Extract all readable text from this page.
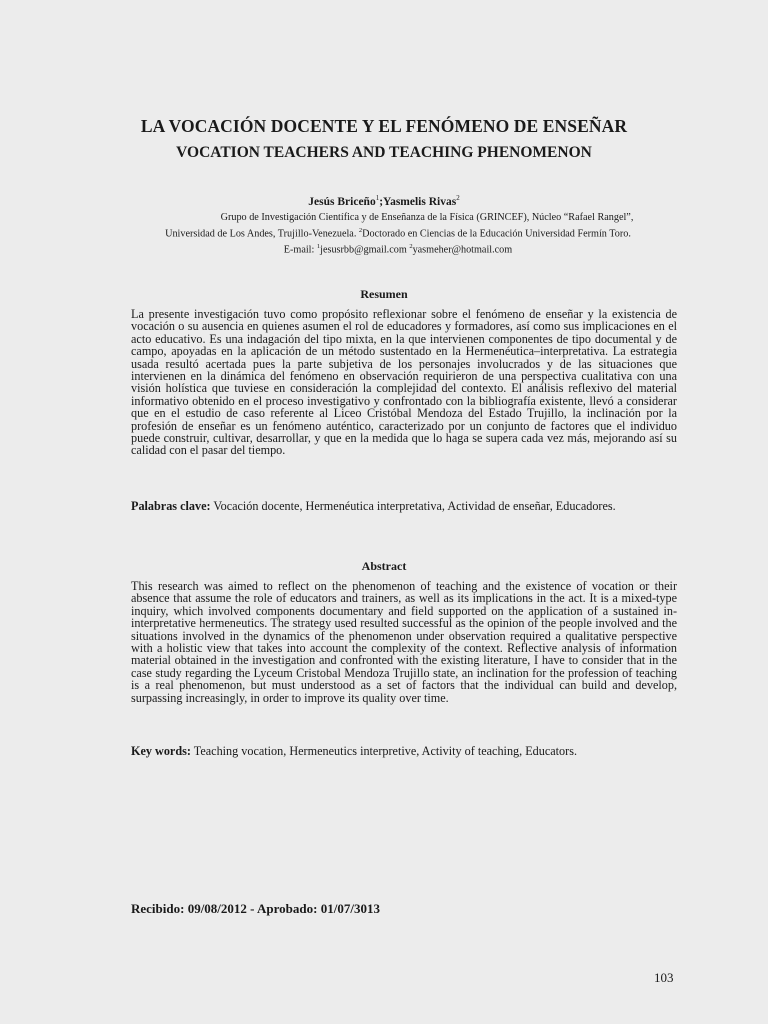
LA VOCACIÓN DOCENTE Y EL FENÓMENO DE ENSEÑAR
VOCATION TEACHERS AND TEACHING PHENOMENON
Jesús Briceño$^1$;Yasmelis Rivas$^2$
Grupo de Investigación Científica y de Enseñanza de la Física (GRINCEF), Núcleo “Rafael Rangel”,
Universidad de Los Andes, Trujillo-Venezuela. $^2$Doctorado en Ciencias de la Educación Universidad Fermín Toro.
E-mail: $^1$jesusrbb@gmail.com $^2$yasmeher@hotmail.com
Resumen

La presente investigación tuvo como propósito reflexionar sobre el fenómeno de enseñar y la existencia de vocación o su ausencia en quienes asumen el rol de educadores y formadores, así como sus implicaciones en el acto educativo. Es una indagación del tipo mixta, en la que intervienen componentes de tipo documental y de campo, apoyadas en la aplicación de un método sustentado en la Hermenéutica–interpretativa. La estrategia usada resultó acertada pues la parte subjetiva de los personajes involucrados y de las situaciones que intervienen en la dinámica del fenómeno en observación requirieron de una perspectiva cualitativa con una visión holística que tuviese en consideración la complejidad del contexto. El análisis reflexivo del material informativo obtenido en el proceso investigativo y confrontado con la bibliografía existente, llevó a considerar que en el estudio de caso referente al Liceo Cristóbal Mendoza del Estado Trujillo, la inclinación por la profesión de enseñar es un fenómeno auténtico, caracterizado por un conjunto de factores que el individuo puede construir, cultivar, desarrollar, y que en la medida que lo haga se supera cada vez más, mejorando así su calidad con el pasar del tiempo.

Palabras clave: Vocación docente, Hermenéutica interpretativa, Actividad de enseñar, Educadores.

Abstract

This research was aimed to reflect on the phenomenon of teaching and the existence of vocation or their absence that assume the role of educators and trainers, as well as its implications in the act. It is a mixed-type inquiry, which involved components documentary and field supported on the application of a sustained in-interpretative hermeneutics. The strategy used resulted successful as the opinion of the people involved and the situations involved in the dynamics of the phenomenon under observation required a qualitative perspective with a holistic view that takes into account the complexity of the context. Reflective analysis of information material obtained in the investigation and confronted with the existing literature, I have to consider that in the case study regarding the Lyceum Cristobal Mendoza Trujillo state, an inclination for the profession of teaching is a real phenomenon, but must understood as a set of factors that the individual can build and develop, surpassing increasingly, in order to improve its quality over time.

Key words: Teaching vocation, Hermeneutics interpretive, Activity of teaching, Educators.

Recibido: 09/08/2012 - Aprobado: 01/07/3013
103
